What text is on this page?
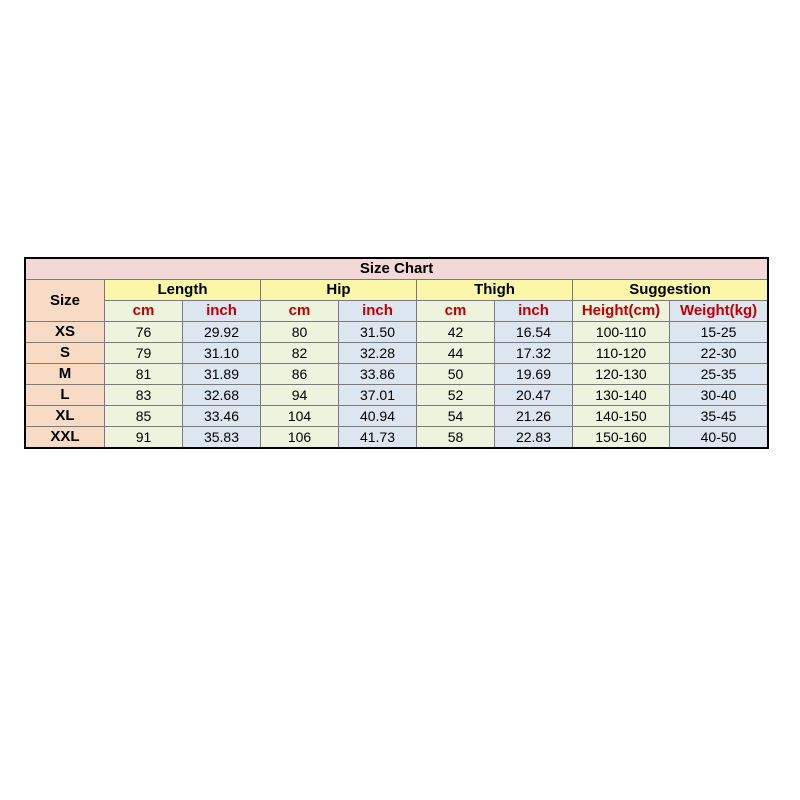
Size Chart								
Size	Length		Hip		Thigh		Suggestion	
	cm	inch	cm	inch	cm	inch	Height(cm)	Weight(kg)
XS	76	29.92	80	31.50	42	16.54	100-110	15-25
S	79	31.10	82	32.28	44	17.32	110-120	22-30
M	81	31.89	86	33.86	50	19.69	120-130	25-35
L	83	32.68	94	37.01	52	20.47	130-140	30-40
XL	85	33.46	104	40.94	54	21.26	140-150	35-45
XXL	91	35.83	106	41.73	58	22.83	150-160	40-50
